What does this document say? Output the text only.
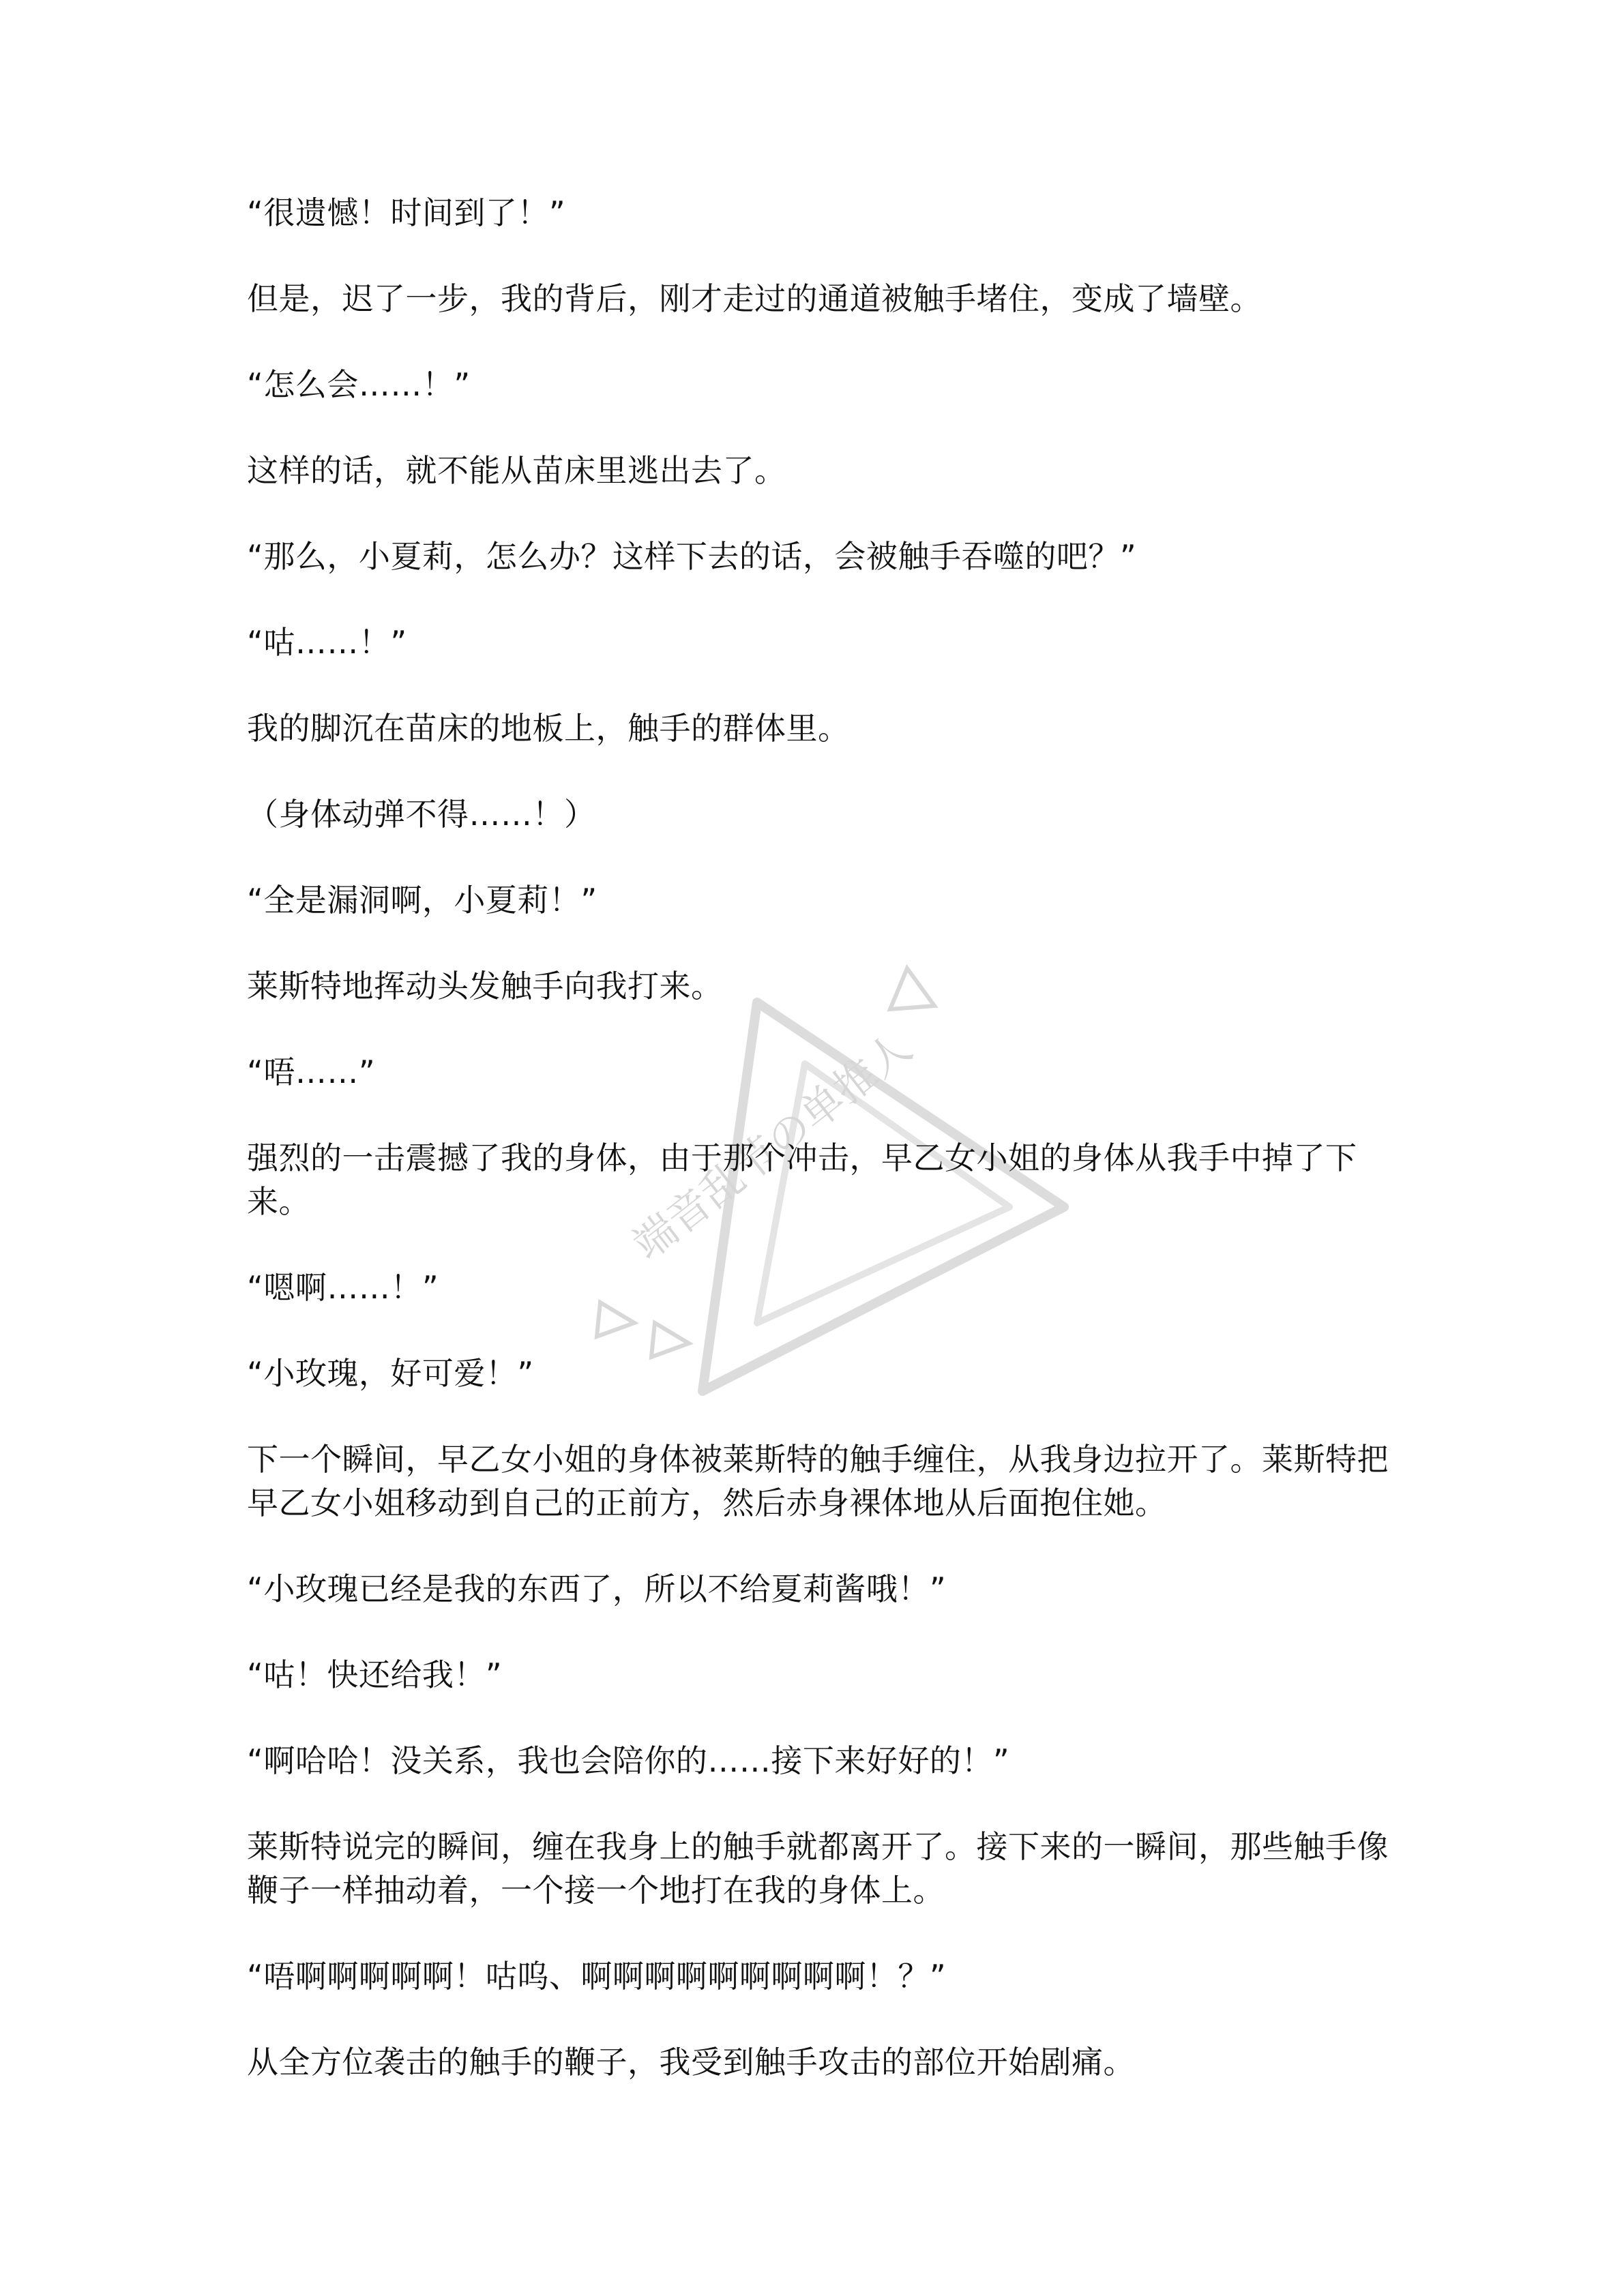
端音乱节の单推人

“很遗憾！时间到了！”

但是，迟了一步，我的背后，刚才走过的通道被触手堵住，变成了墙壁。

“怎么会……！”

这样的话，就不能从苗床里逃出去了。

“那么，小夏莉，怎么办？这样下去的话，会被触手吞噬的吧？”

“咕……！”

我的脚沉在苗床的地板上，触手的群体里。

（身体动弹不得……！）

“全是漏洞啊，小夏莉！”

莱斯特地挥动头发触手向我打来。

“唔……”

强烈的一击震撼了我的身体，由于那个冲击，早乙女小姐的身体从我手中掉了下来。

“嗯啊……！”

“小玫瑰，好可爱！”

下一个瞬间，早乙女小姐的身体被莱斯特的触手缠住，从我身边拉开了。莱斯特把早乙女小姐移动到自己的正前方，然后赤身裸体地从后面抱住她。

“小玫瑰已经是我的东西了，所以不给夏莉酱哦！”

“咕！快还给我！”

“啊哈哈！没关系，我也会陪你的……接下来好好的！”

莱斯特说完的瞬间，缠在我身上的触手就都离开了。接下来的一瞬间，那些触手像鞭子一样抽动着，一个接一个地打在我的身体上。

“唔啊啊啊啊啊！咕呜、啊啊啊啊啊啊啊啊啊！？”

从全方位袭击的触手的鞭子，我受到触手攻击的部位开始剧痛。
